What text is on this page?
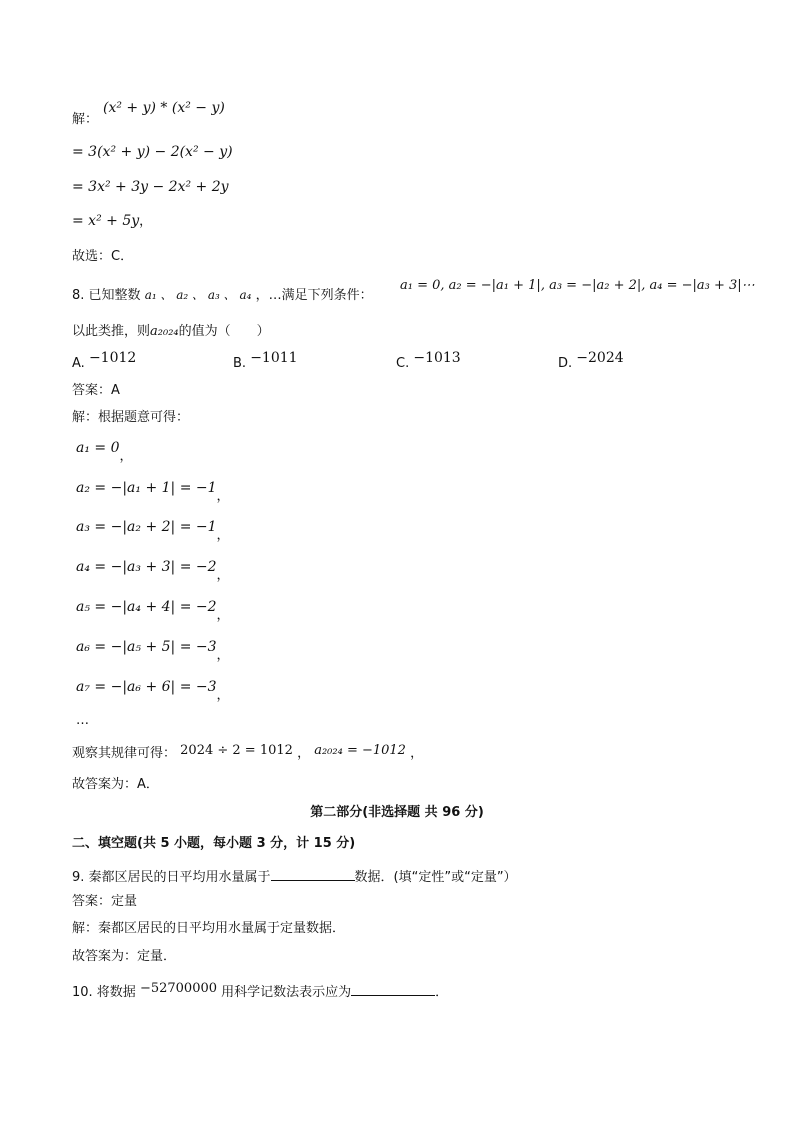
解：
(x² + y) * (x² − y)
= 3(x² + y) − 2(x² − y)
= 3x² + 3y − 2x² + 2y
= x² + 5y，
故选：C．
8. 已知整数 a₁ 、 a₂ 、 a₃ 、 a₄ ，…满足下列条件：
a₁ = 0, a₂ = −|a₁ + 1|, a₃ = −|a₂ + 2|, a₄ = −|a₃ + 3|⋯
以此类推，则a₂₀₂₄的值为（　　）
A. −1012	B. −1011	C. −1013	D. −2024
答案：A
解：根据题意可得：
a₁ = 0，
a₂ = −|a₁ + 1| = −1，
a₃ = −|a₂ + 2| = −1，
a₄ = −|a₃ + 3| = −2，
a₅ = −|a₄ + 4| = −2，
a₆ = −|a₅ + 5| = −3，
a₇ = −|a₆ + 6| = −3，
…
观察其规律可得： 2024 ÷ 2 = 1012 ， a₂₀₂₄ = −1012 ，
故答案为：A．
第二部分(非选择题 共 96 分)
二、填空题(共 5 小题，每小题 3 分，计 15 分)
9. 秦都区居民的日平均用水量属于	数据．(填“定性”或“定量”）
答案：定量
解：秦都区居民的日平均用水量属于定量数据．
故答案为：定量．
10. 将数据 −52700000 用科学记数法表示应为	．
